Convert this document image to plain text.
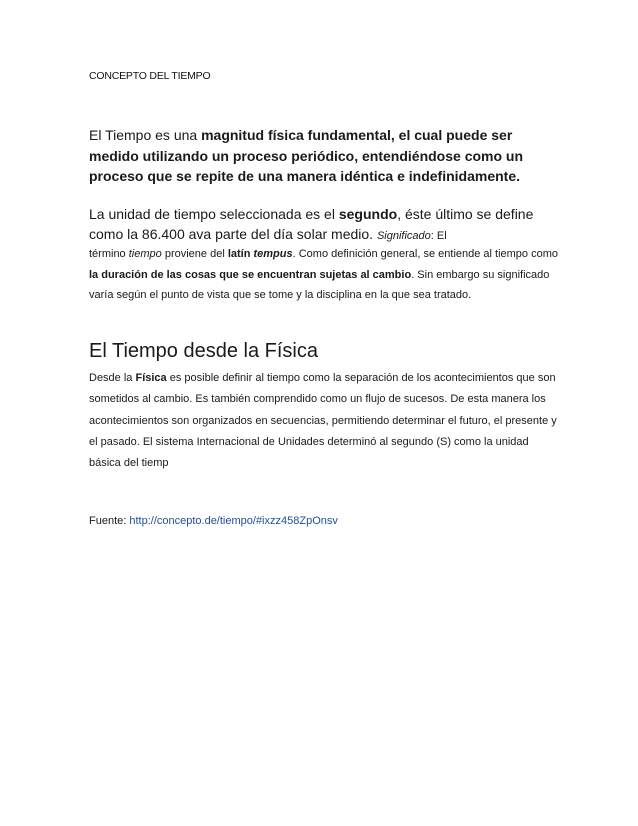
CONCEPTO DEL TIEMPO
El Tiempo es una magnitud física fundamental, el cual puede ser medido utilizando un proceso periódico, entendiéndose como un proceso que se repite de una manera idéntica e indefinidamente.
La unidad de tiempo seleccionada es el segundo, éste último se define como la 86.400 ava parte del día solar medio. Significado: El
término tiempo proviene del latín tempus. Como definición general, se entiende al tiempo como la duración de las cosas que se encuentran sujetas al cambio. Sin embargo su significado varía según el punto de vista que se tome y la disciplina en la que sea tratado.
El Tiempo desde la Física
Desde la Física es posible definir al tiempo como la separación de los acontecimientos que son sometidos al cambio. Es también comprendido como un flujo de sucesos. De esta manera los acontecimientos son organizados en secuencias, permitiendo determinar el futuro, el presente y el pasado. El sistema Internacional de Unidades determinó al segundo (S) como la unidad básica del tiemp
Fuente: http://concepto.de/tiempo/#ixzz458ZpOnsv
